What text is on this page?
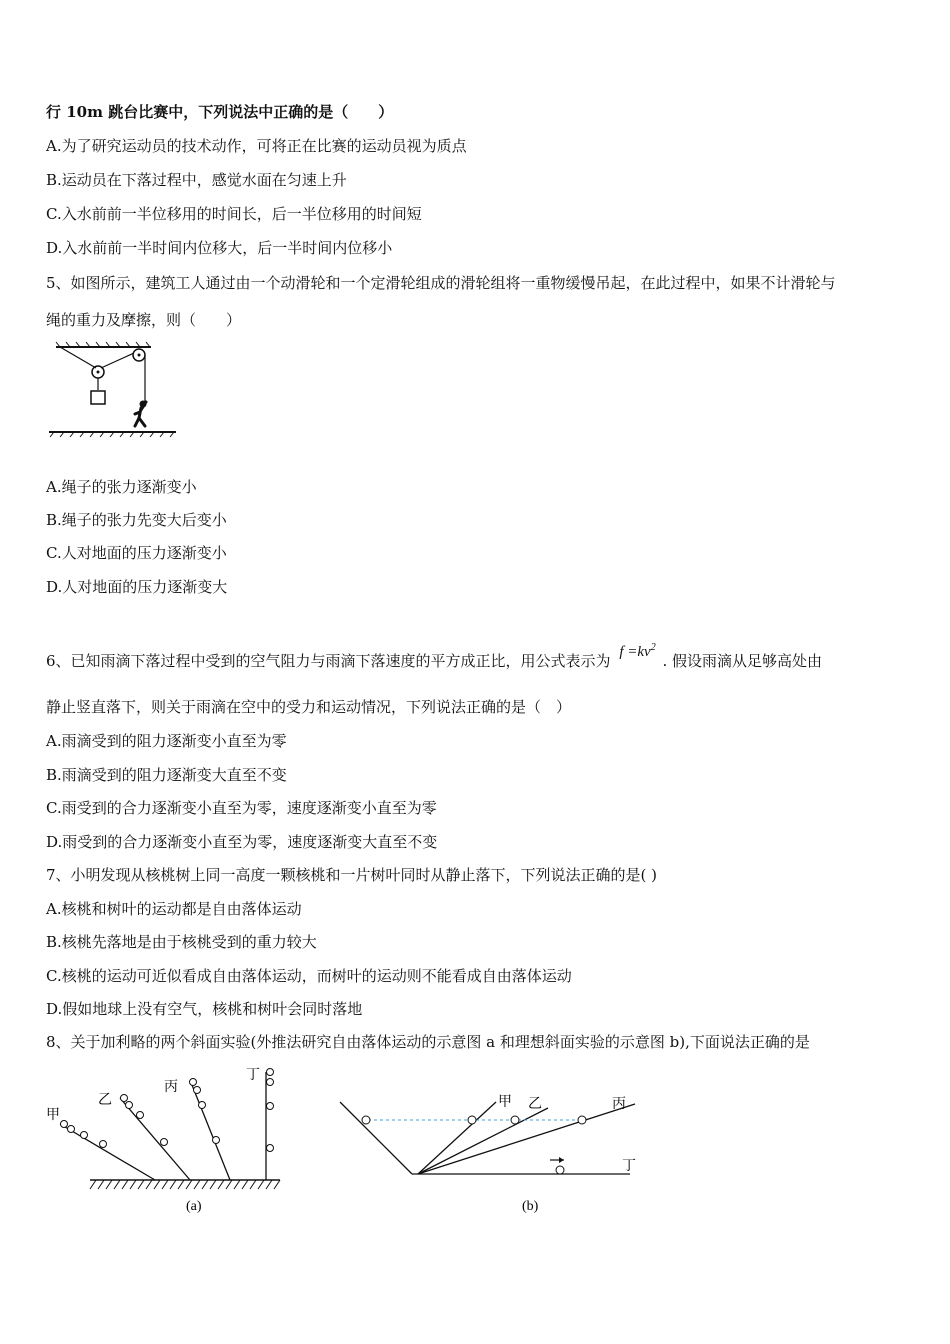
行 10m 跳台比赛中，下列说法中正确的是（　　）
A.为了研究运动员的技术动作，可将正在比赛的运动员视为质点
B.运动员在下落过程中，感觉水面在匀速上升
C.入水前前一半位移用的时间长，后一半位移用的时间短
D.入水前前一半时间内位移大，后一半时间内位移小
5、如图所示，建筑工人通过由一个动滑轮和一个定滑轮组成的滑轮组将一重物缓慢吊起，在此过程中，如果不计滑轮与
绳的重力及摩擦，则（　　）
A.绳子的张力逐渐变小
B.绳子的张力先变大后变小
C.人对地面的压力逐渐变小
D.人对地面的压力逐渐变大
6、已知雨滴下落过程中受到的空气阻力与雨滴下落速度的平方成正比，用公式表示为 $f =kv^2$ . 假设雨滴从足够高处由
静止竖直落下，则关于雨滴在空中的受力和运动情况，下列说法正确的是（　）
A.雨滴受到的阻力逐渐变小直至为零
B.雨滴受到的阻力逐渐变大直至不变
C.雨受到的合力逐渐变小直至为零，速度逐渐变小直至为零
D.雨受到的合力逐渐变小直至为零，速度逐渐变大直至不变
7、小明发现从核桃树上同一高度一颗核桃和一片树叶同时从静止落下，下列说法正确的是( )
A.核桃和树叶的运动都是自由落体运动
B.核桃先落地是由于核桃受到的重力较大
C.核桃的运动可近似看成自由落体运动，而树叶的运动则不能看成自由落体运动
D.假如地球上没有空气，核桃和树叶会同时落地
8、关于加利略的两个斜面实验(外推法研究自由落体运动的示意图 a 和理想斜面实验的示意图 b),下面说法正确的是
甲
乙
丙
丁
(a)
甲 乙	丙
丁
(b)
